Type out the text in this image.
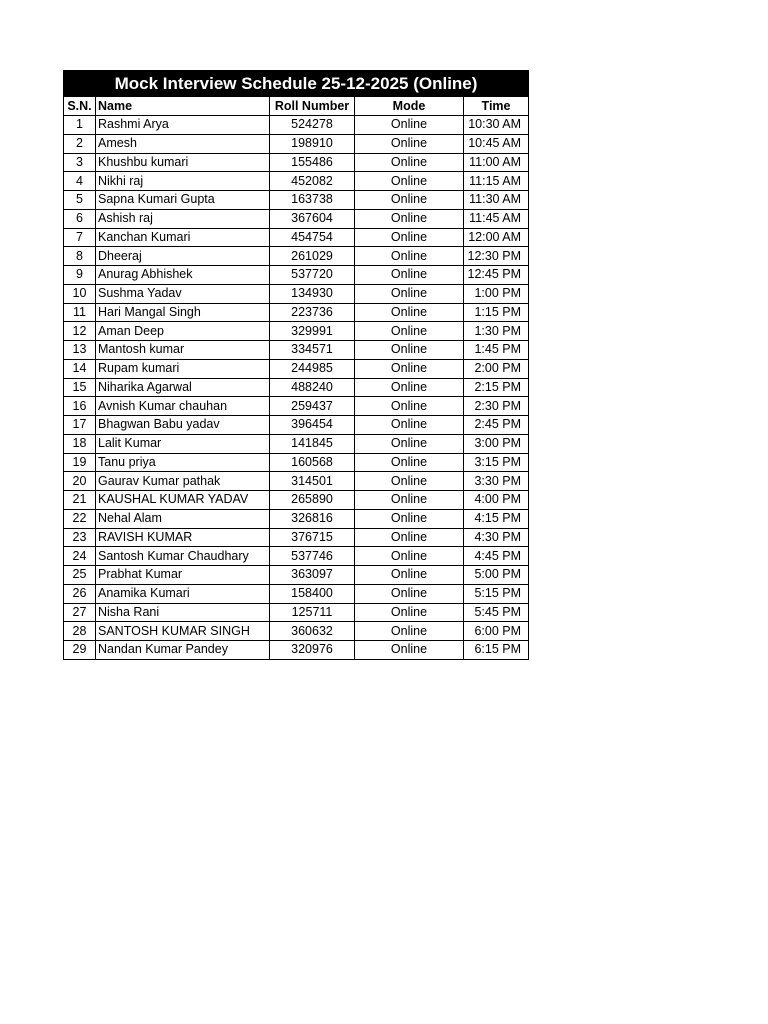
Mock Interview Schedule 25-12-2025 (Online)				
S.N.	Name	Roll Number	Mode	Time
1	Rashmi Arya	524278	Online	10:30 AM
2	Amesh	198910	Online	10:45 AM
3	Khushbu kumari	155486	Online	11:00 AM
4	Nikhi raj	452082	Online	11:15 AM
5	Sapna Kumari Gupta	163738	Online	11:30 AM
6	Ashish raj	367604	Online	11:45 AM
7	Kanchan Kumari	454754	Online	12:00 AM
8	Dheeraj	261029	Online	12:30 PM
9	Anurag Abhishek	537720	Online	12:45 PM
10	Sushma Yadav	134930	Online	1:00 PM
11	Hari Mangal Singh	223736	Online	1:15 PM
12	Aman Deep	329991	Online	1:30 PM
13	Mantosh kumar	334571	Online	1:45 PM
14	Rupam kumari	244985	Online	2:00 PM
15	Niharika Agarwal	488240	Online	2:15 PM
16	Avnish Kumar chauhan	259437	Online	2:30 PM
17	Bhagwan Babu yadav	396454	Online	2:45 PM
18	Lalit Kumar	141845	Online	3:00 PM
19	Tanu priya	160568	Online	3:15 PM
20	Gaurav Kumar pathak	314501	Online	3:30 PM
21	KAUSHAL KUMAR YADAV	265890	Online	4:00 PM
22	Nehal Alam	326816	Online	4:15 PM
23	RAVISH KUMAR	376715	Online	4:30 PM
24	Santosh Kumar Chaudhary	537746	Online	4:45 PM
25	Prabhat Kumar	363097	Online	5:00 PM
26	Anamika Kumari	158400	Online	5:15 PM
27	Nisha Rani	125711	Online	5:45 PM
28	SANTOSH KUMAR SINGH	360632	Online	6:00 PM
29	Nandan Kumar Pandey	320976	Online	6:15 PM
